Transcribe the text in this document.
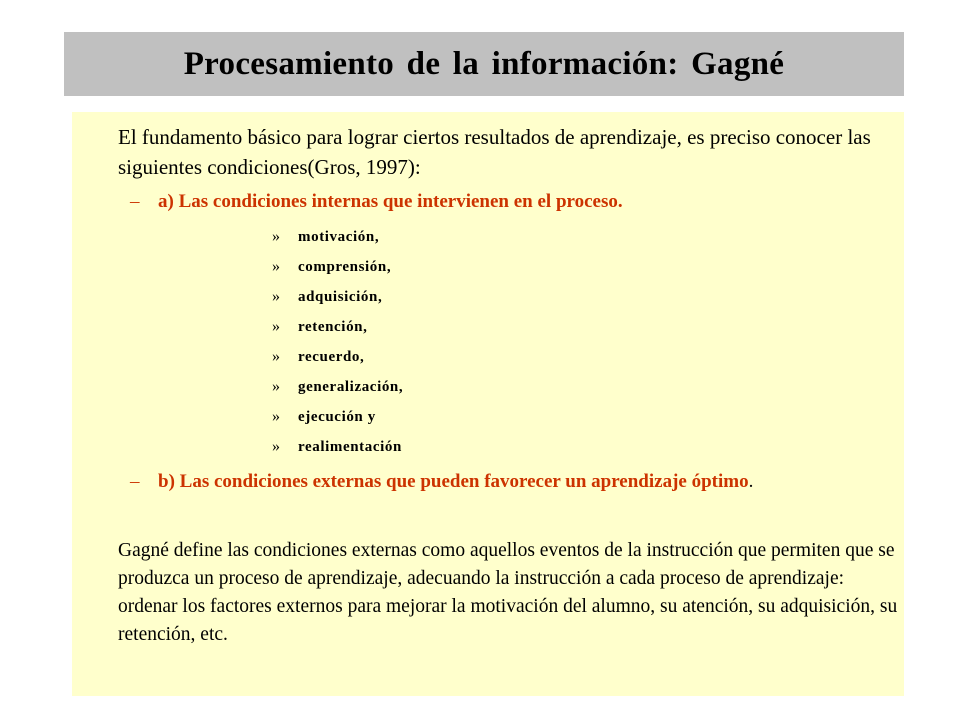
Procesamiento de la información: Gagné
El fundamento básico para lograr ciertos resultados de aprendizaje, es preciso conocer las siguientes condiciones(Gros, 1997):
– a) Las condiciones internas que intervienen en el proceso.
» motivación,
» comprensión,
» adquisición,
» retención,
» recuerdo,
» generalización,
» ejecución y
» realimentación
– b) Las condiciones externas que pueden favorecer un aprendizaje óptimo.
Gagné define las condiciones externas como aquellos eventos de la instrucción que permiten que se produzca un proceso de aprendizaje, adecuando la instrucción a cada proceso de aprendizaje: ordenar los factores externos para mejorar la motivación del alumno, su atención, su adquisición, su retención, etc.
